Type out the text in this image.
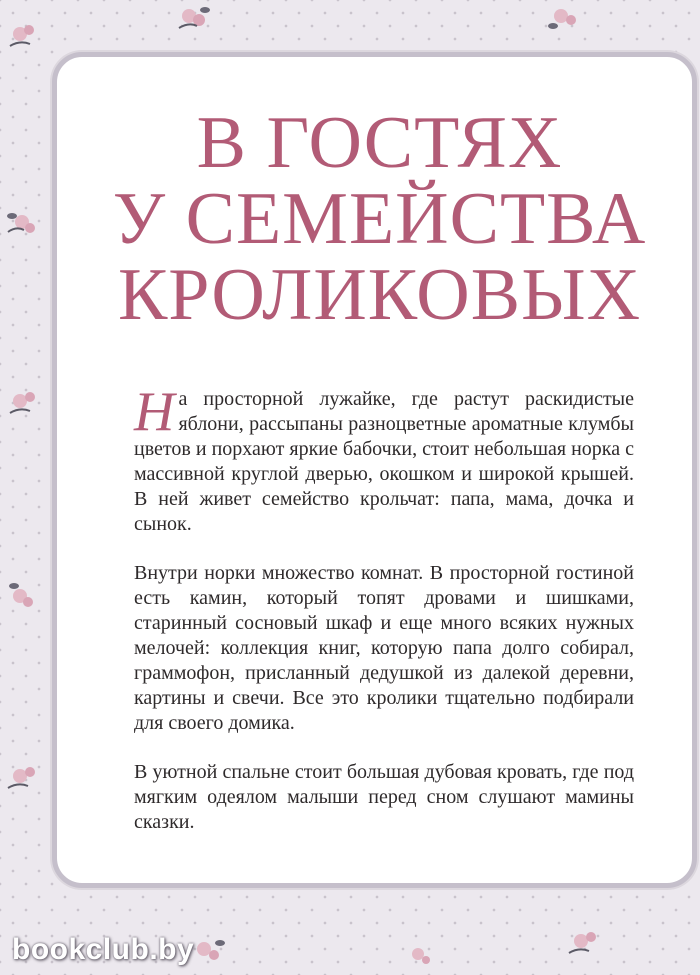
В ГОСТЯХ
У СЕМЕЙСТВА
КРОЛИКОВЫХ

На просторной лужайке, где растут раскидистые яблони, рассыпаны разноцветные ароматные клумбы цветов и порхают яркие бабочки, стоит небольшая норка с массивной круглой дверью, окошком и широкой крышей. В ней живет семейство крольчат: папа, мама, дочка и сынок.

Внутри норки множество комнат. В просторной гостиной есть камин, который топят дровами и шишками, старинный сосновый шкаф и еще много всяких нужных мелочей: коллекция книг, которую папа долго собирал, граммофон, присланный дедушкой из далекой деревни, картины и свечи. Все это кролики тщательно подбирали для своего домика.

В уютной спальне стоит большая дубовая кровать, где под мягким одеялом малыши перед сном слушают мамины сказки.

bookclub.by
